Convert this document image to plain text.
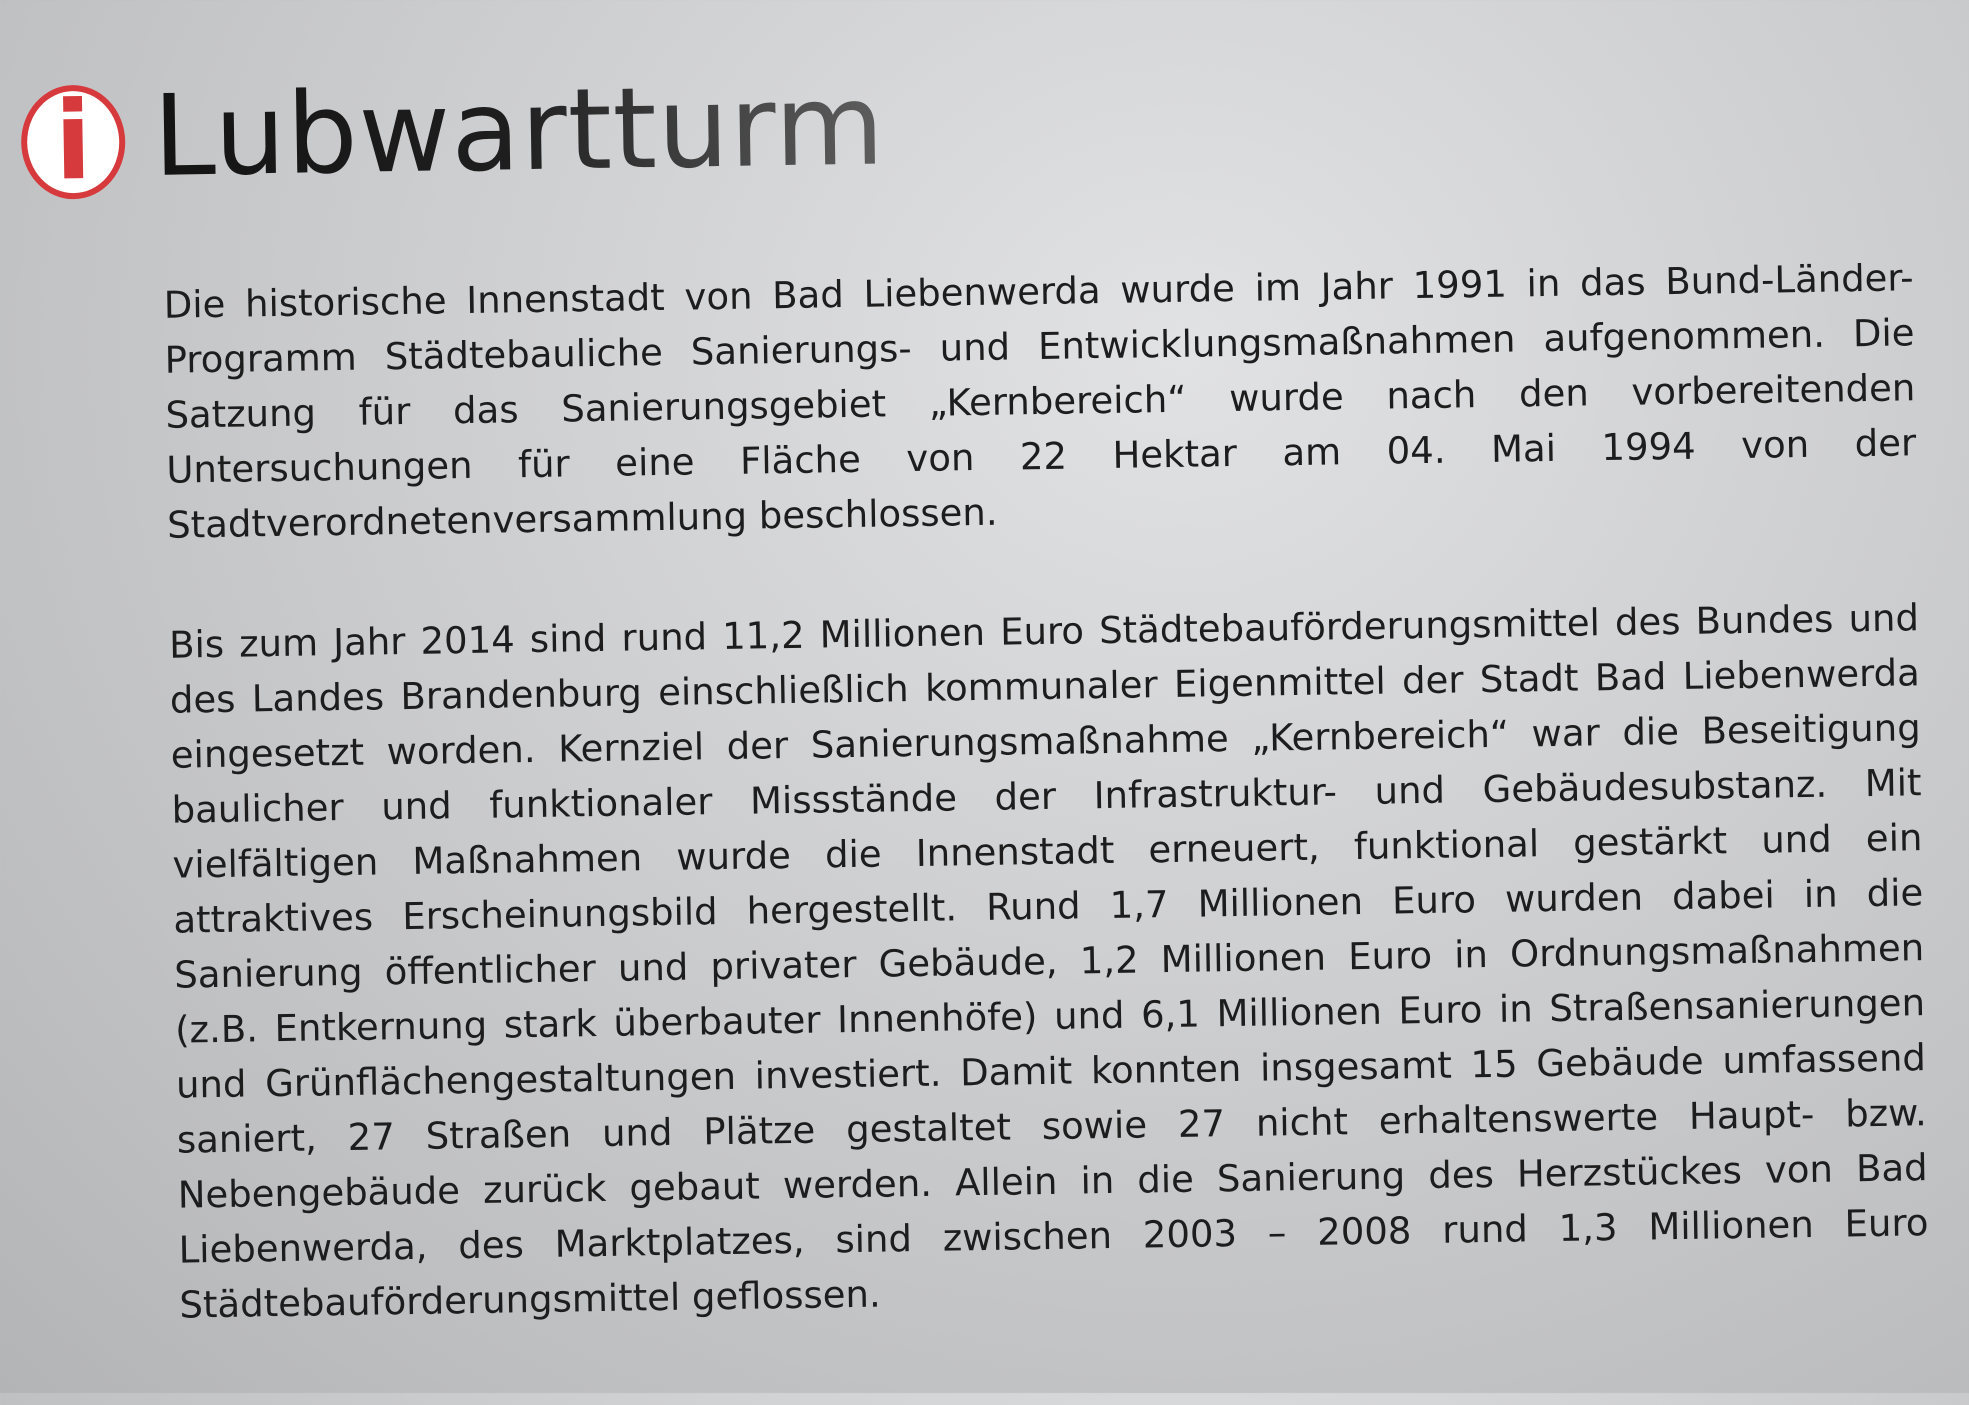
i Lubwartturm

Die historische Innenstadt von Bad Liebenwerda wurde im Jahr 1991 in das Bund-Länder-Programm Städtebauliche Sanierungs- und Entwicklungsmaßnahmen aufgenommen. Die Satzung für das Sanierungsgebiet „Kernbereich“ wurde nach den vorbereitenden Untersuchungen für eine Fläche von 22 Hektar am 04. Mai 1994 von der Stadtverordnetenversammlung beschlossen.

Bis zum Jahr 2014 sind rund 11,2 Millionen Euro Städtebauförderungsmittel des Bundes und des Landes Brandenburg einschließlich kommunaler Eigenmittel der Stadt Bad Liebenwerda eingesetzt worden. Kernziel der Sanierungsmaßnahme „Kernbereich“ war die Beseitigung baulicher und funktionaler Missstände der Infrastruktur- und Gebäudesubstanz. Mit vielfältigen Maßnahmen wurde die Innenstadt erneuert, funktional gestärkt und ein attraktives Erscheinungsbild hergestellt. Rund 1,7 Millionen Euro wurden dabei in die Sanierung öffentlicher und privater Gebäude, 1,2 Millionen Euro in Ordnungsmaßnahmen (z.B. Entkernung stark überbauter Innenhöfe) und 6,1 Millionen Euro in Straßensanierungen und Grünflächengestaltungen investiert. Damit konnten insgesamt 15 Gebäude umfassend saniert, 27 Straßen und Plätze gestaltet sowie 27 nicht erhaltenswerte Haupt- bzw. Nebengebäude zurück gebaut werden. Allein in die Sanierung des Herzstückes von Bad Liebenwerda, des Marktplatzes, sind zwischen 2003 – 2008 rund 1,3 Millionen Euro Städtebauförderungsmittel geflossen.
